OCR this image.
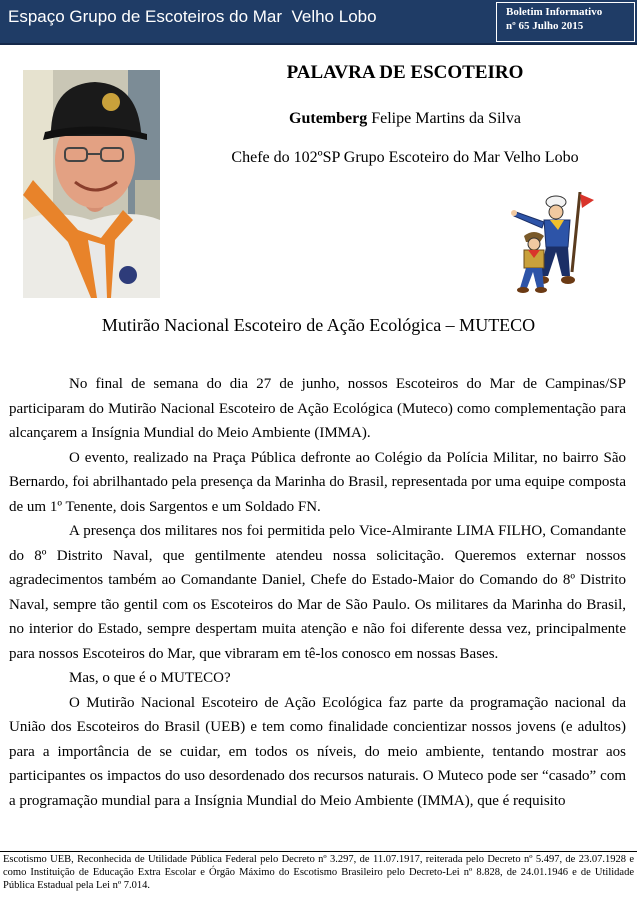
Espaço Grupo de Escoteiros do Mar  Velho Lobo	Boletim Informativo
nº 65 Julho 2015
PALAVRA DE ESCOTEIRO
Gutemberg Felipe Martins da Silva
Chefe do 102ºSP Grupo Escoteiro do Mar Velho Lobo
Mutirão Nacional Escoteiro de Ação Ecológica – MUTECO

No final de semana do dia 27 de junho, nossos Escoteiros do Mar de Campinas/SP participaram do Mutirão Nacional Escoteiro de Ação Ecológica (Muteco) como complementação para alcançarem a Insígnia Mundial do Meio Ambiente (IMMA).

O evento, realizado na Praça Pública defronte ao Colégio da Polícia Militar, no bairro São Bernardo, foi abrilhantado pela presença da Marinha do Brasil, representada por uma equipe composta de um 1º Tenente, dois Sargentos e um Soldado FN.

A presença dos militares nos foi permitida pelo Vice-Almirante LIMA FILHO, Comandante do 8º Distrito Naval, que gentilmente atendeu nossa solicitação. Queremos externar nossos agradecimentos também ao Comandante Daniel, Chefe do Estado-Maior do Comando do 8º Distrito Naval, sempre tão gentil com os Escoteiros do Mar de São Paulo. Os militares da Marinha do Brasil, no interior do Estado, sempre despertam muita atenção e não foi diferente dessa vez, principalmente para nossos Escoteiros do Mar, que vibraram em tê-los conosco em nossas Bases.

Mas, o que é o MUTECO?

O Mutirão Nacional Escoteiro de Ação Ecológica faz parte da programação nacional da União dos Escoteiros do Brasil (UEB) e tem como finalidade concientizar nossos jovens (e adultos) para a importância de se cuidar, em todos os níveis, do meio ambiente, tentando mostrar aos participantes os impactos do uso desordenado dos recursos naturais. O Muteco pode ser “casado” com a programação mundial para a Insígnia Mundial do Meio Ambiente (IMMA), que é requisito

Escotismo UEB, Reconhecida de Utilidade Pública Federal pelo Decreto nº 3.297, de 11.07.1917, reiterada pelo Decreto nº 5.497, de 23.07.1928 e como Instituição de Educação Extra Escolar e Órgão Máximo do Escotismo Brasileiro pelo Decreto-Lei nº 8.828, de 24.01.1946 e de Utilidade Pública Estadual pela Lei nº 7.014.
